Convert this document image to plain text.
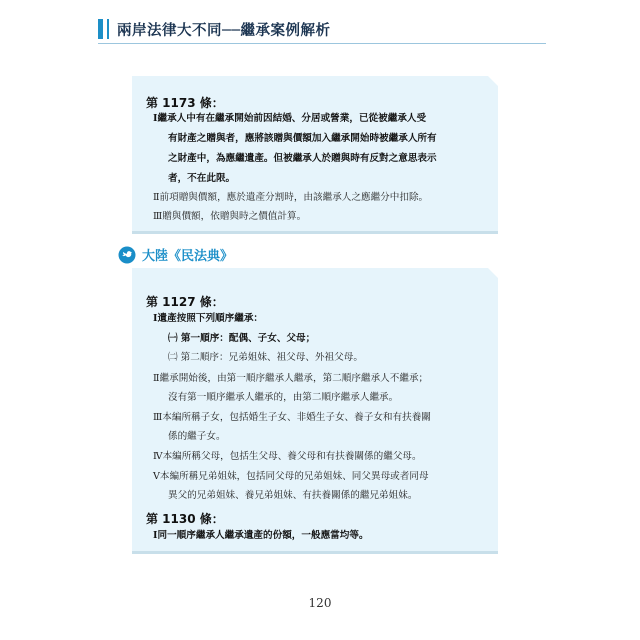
兩岸法律大不同──繼承案例解析
第 1173 條：
Ⅰ繼承人中有在繼承開始前因結婚、分居或營業，已從被繼承人受
有財產之贈與者，應將該贈與價額加入繼承開始時被繼承人所有
之財產中，為應繼遺產。但被繼承人於贈與時有反對之意思表示
者，不在此限。
Ⅱ前項贈與價額，應於遺產分割時，由該繼承人之應繼分中扣除。
Ⅲ贈與價額，依贈與時之價值計算。
大陸《民法典》
第 1127 條：
Ⅰ遺產按照下列順序繼承：
㈠ 第一順序：配偶、子女、父母；
㈡ 第二順序：兄弟姐妹、祖父母、外祖父母。
Ⅱ繼承開始後，由第一順序繼承人繼承，第二順序繼承人不繼承；
沒有第一順序繼承人繼承的，由第二順序繼承人繼承。
Ⅲ本編所稱子女，包括婚生子女、非婚生子女、養子女和有扶養關
係的繼子女。
Ⅳ本編所稱父母，包括生父母、養父母和有扶養關係的繼父母。
Ⅴ本編所稱兄弟姐妹，包括同父母的兄弟姐妹、同父異母或者同母
異父的兄弟姐妹、養兄弟姐妹、有扶養關係的繼兄弟姐妹。
第 1130 條：
Ⅰ同一順序繼承人繼承遺產的份額，一般應當均等。
120
